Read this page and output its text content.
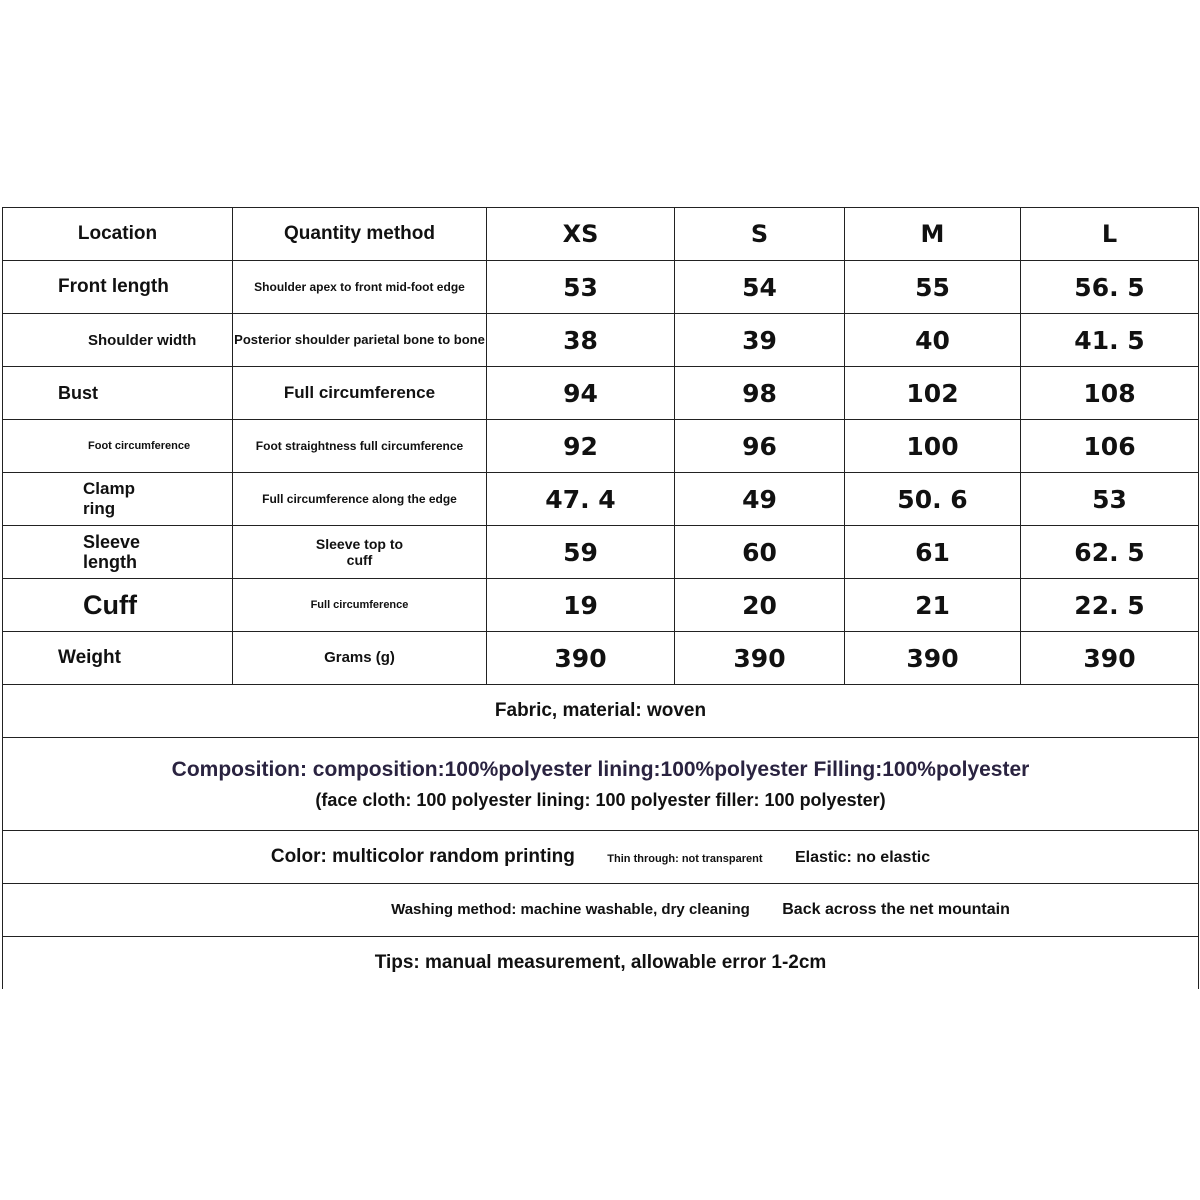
Location	Quantity method	XS	S	M	L
Front length	Shoulder apex to front mid-foot edge	53	54	55	56. 5
Shoulder width	Posterior shoulder parietal bone to bone	38	39	40	41. 5
Bust	Full circumference	94	98	102	108
Foot circumference	Foot straightness full circumference	92	96	100	106
Clamp ring	Full circumference along the edge	47. 4	49	50. 6	53
Sleeve length	Sleeve top to cuff	59	60	61	62. 5
Cuff	Full circumference	19	20	21	22. 5
Weight	Grams (g)	390	390	390	390
Fabric, material: woven					

Composition: composition:100%polyester lining:100%polyester Filling:100%polyester
(face cloth: 100 polyester lining: 100 polyester filler: 100 polyester)					

Color: multicolor random printing Thin through: not transparent Elastic: no elastic					
Washing method: machine washable, dry cleaning Back across the net mountain					
Tips: manual measurement, allowable error 1-2cm					
